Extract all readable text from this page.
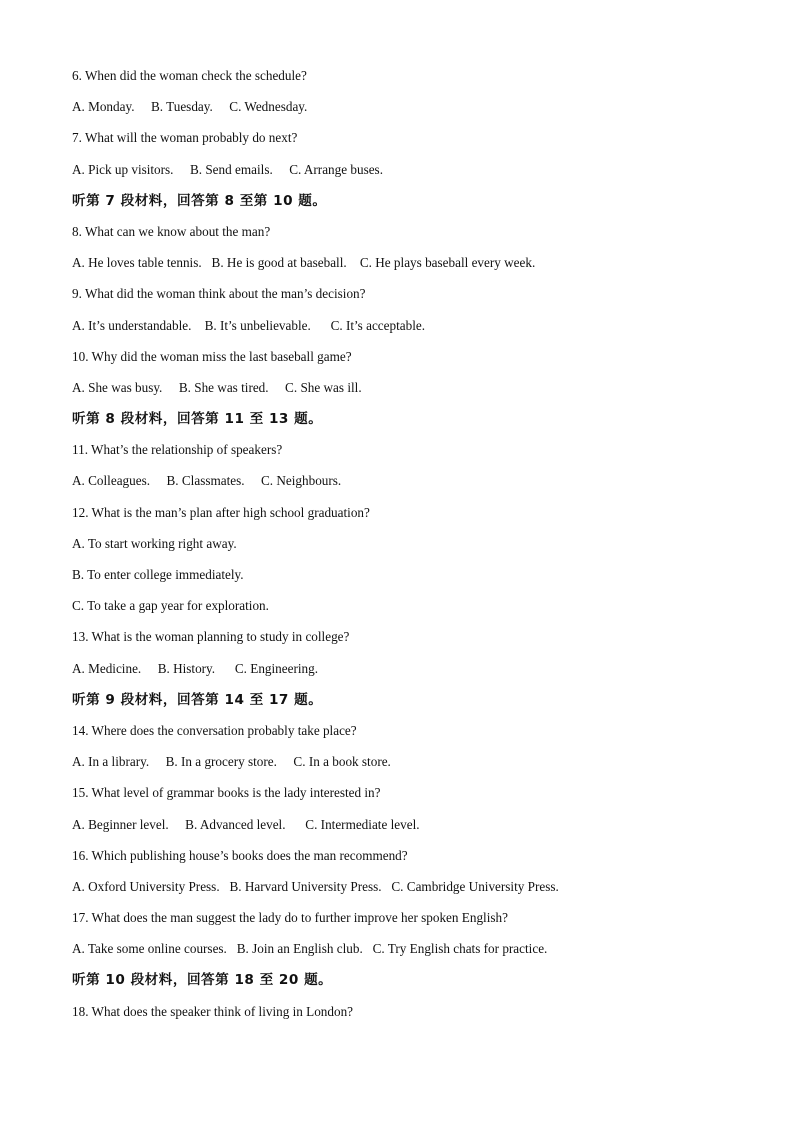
6. When did the woman check the schedule?
A. Monday.     B. Tuesday.     C. Wednesday.
7. What will the woman probably do next?
A. Pick up visitors.     B. Send emails.     C. Arrange buses.
听第 7 段材料，回答第 8 至第 10 题。
8. What can we know about the man?
A. He loves table tennis.   B. He is good at baseball.    C. He plays baseball every week.
9. What did the woman think about the man’s decision?
A. It’s understandable.    B. It’s unbelievable.      C. It’s acceptable.
10. Why did the woman miss the last baseball game?
A. She was busy.     B. She was tired.     C. She was ill.
听第 8 段材料，回答第 11 至 13 题。
11. What’s the relationship of speakers?
A. Colleagues.     B. Classmates.     C. Neighbours.
12. What is the man’s plan after high school graduation?
A. To start working right away.
B. To enter college immediately.
C. To take a gap year for exploration.
13. What is the woman planning to study in college?
A. Medicine.     B. History.      C. Engineering.
听第 9 段材料，回答第 14 至 17 题。
14. Where does the conversation probably take place?
A. In a library.     B. In a grocery store.     C. In a book store.
15. What level of grammar books is the lady interested in?
A. Beginner level.     B. Advanced level.      C. Intermediate level.
16. Which publishing house’s books does the man recommend?
A. Oxford University Press.   B. Harvard University Press.   C. Cambridge University Press.
17. What does the man suggest the lady do to further improve her spoken English?
A. Take some online courses.   B. Join an English club.   C. Try English chats for practice.
听第 10 段材料，回答第 18 至 20 题。
18. What does the speaker think of living in London?
